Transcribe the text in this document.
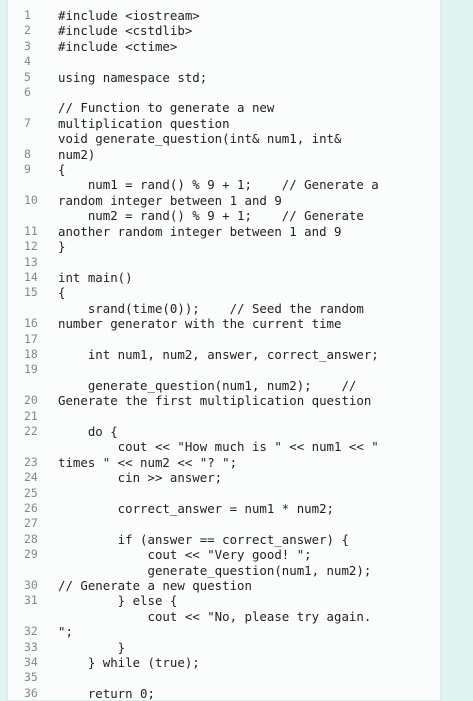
1	#include <iostream>
2	#include <cstdlib>
3	#include <ctime>
4
5	using namespace std;
6
// Function to generate a new
7	multiplication question
void generate_question(int& num1, int&
8	num2)
9	{
num1 = rand() % 9 + 1;    // Generate a
10	random integer between 1 and 9
num2 = rand() % 9 + 1;    // Generate
11	another random integer between 1 and 9
12	}
13
14	int main()
15	{
srand(time(0));    // Seed the random
16	number generator with the current time
17
18	int num1, num2, answer, correct_answer;
19
generate_question(num1, num2);    //
20	Generate the first multiplication question
21
22	do {
cout << "How much is " << num1 << "
23	times " << num2 << "? ";
24	cin >> answer;
25
26	correct_answer = num1 * num2;
27
28	if (answer == correct_answer) {
29	cout << "Very good! ";
generate_question(num1, num2);
30	// Generate a new question
31	} else {
cout << "No, please try again.
32	";
33	}
34	} while (true);
35
36	return 0;
